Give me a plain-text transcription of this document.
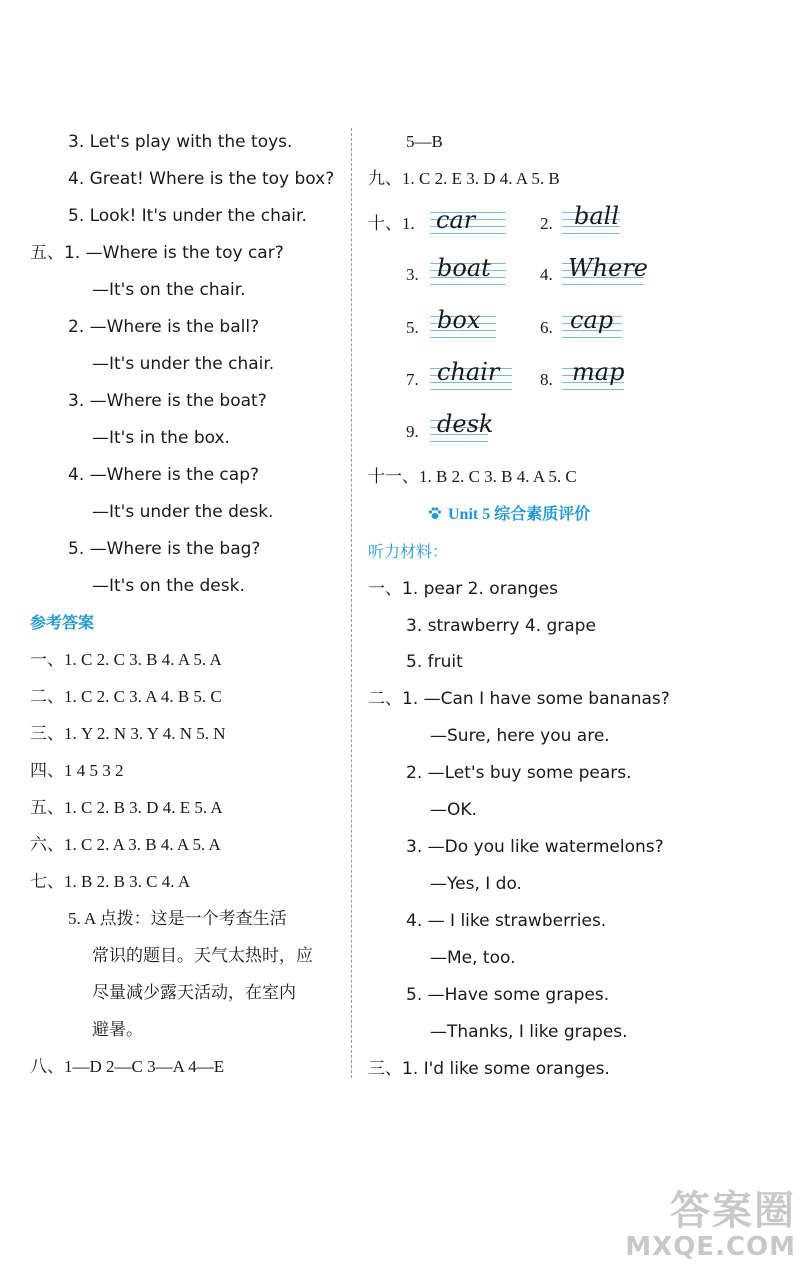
3. Let's play with the toys.
4. Great! Where is the toy box?
5. Look! It's under the chair.
五、1. —Where is the toy car?
—It's on the chair.
2. —Where is the ball?
—It's under the chair.
3. —Where is the boat?
—It's in the box.
4. —Where is the cap?
—It's under the desk.
5. —Where is the bag?
—It's on the desk.
参考答案
一、1. C 2. C 3. B 4. A 5. A
二、1. C 2. C 3. A 4. B 5. C
三、1. Y 2. N 3. Y 4. N 5. N
四、1 4 5 3 2
五、1. C 2. B 3. D 4. E 5. A
六、1. C 2. A 3. B 4. A 5. A
七、1. B 2. B 3. C 4. A
5. A 点拨：这是一个考查生活
常识的题目。天气太热时，应
尽量减少露天活动，在室内
避暑。
八、1—D 2—C 3—A 4—E
5—B
九、1. C 2. E 3. D 4. A 5. B
十、1. car	2. ball
3. boat	4. Where
5. box	6. cap
7. chair 8. map
9. desk
十一、1. B 2. C 3. B 4. A 5. C
Unit 5 综合素质评价
听力材料：
一、1. pear 2. oranges
3. strawberry 4. grape
5. fruit
二、1. —Can I have some bananas?
—Sure, here you are.
2. —Let's buy some pears.
—OK.
3. —Do you like watermelons?
—Yes, I do.
4. — I like strawberries.
—Me, too.
5. —Have some grapes.
—Thanks, I like grapes.
三、1. I'd like some oranges.
答案圈
MXQE.COM
